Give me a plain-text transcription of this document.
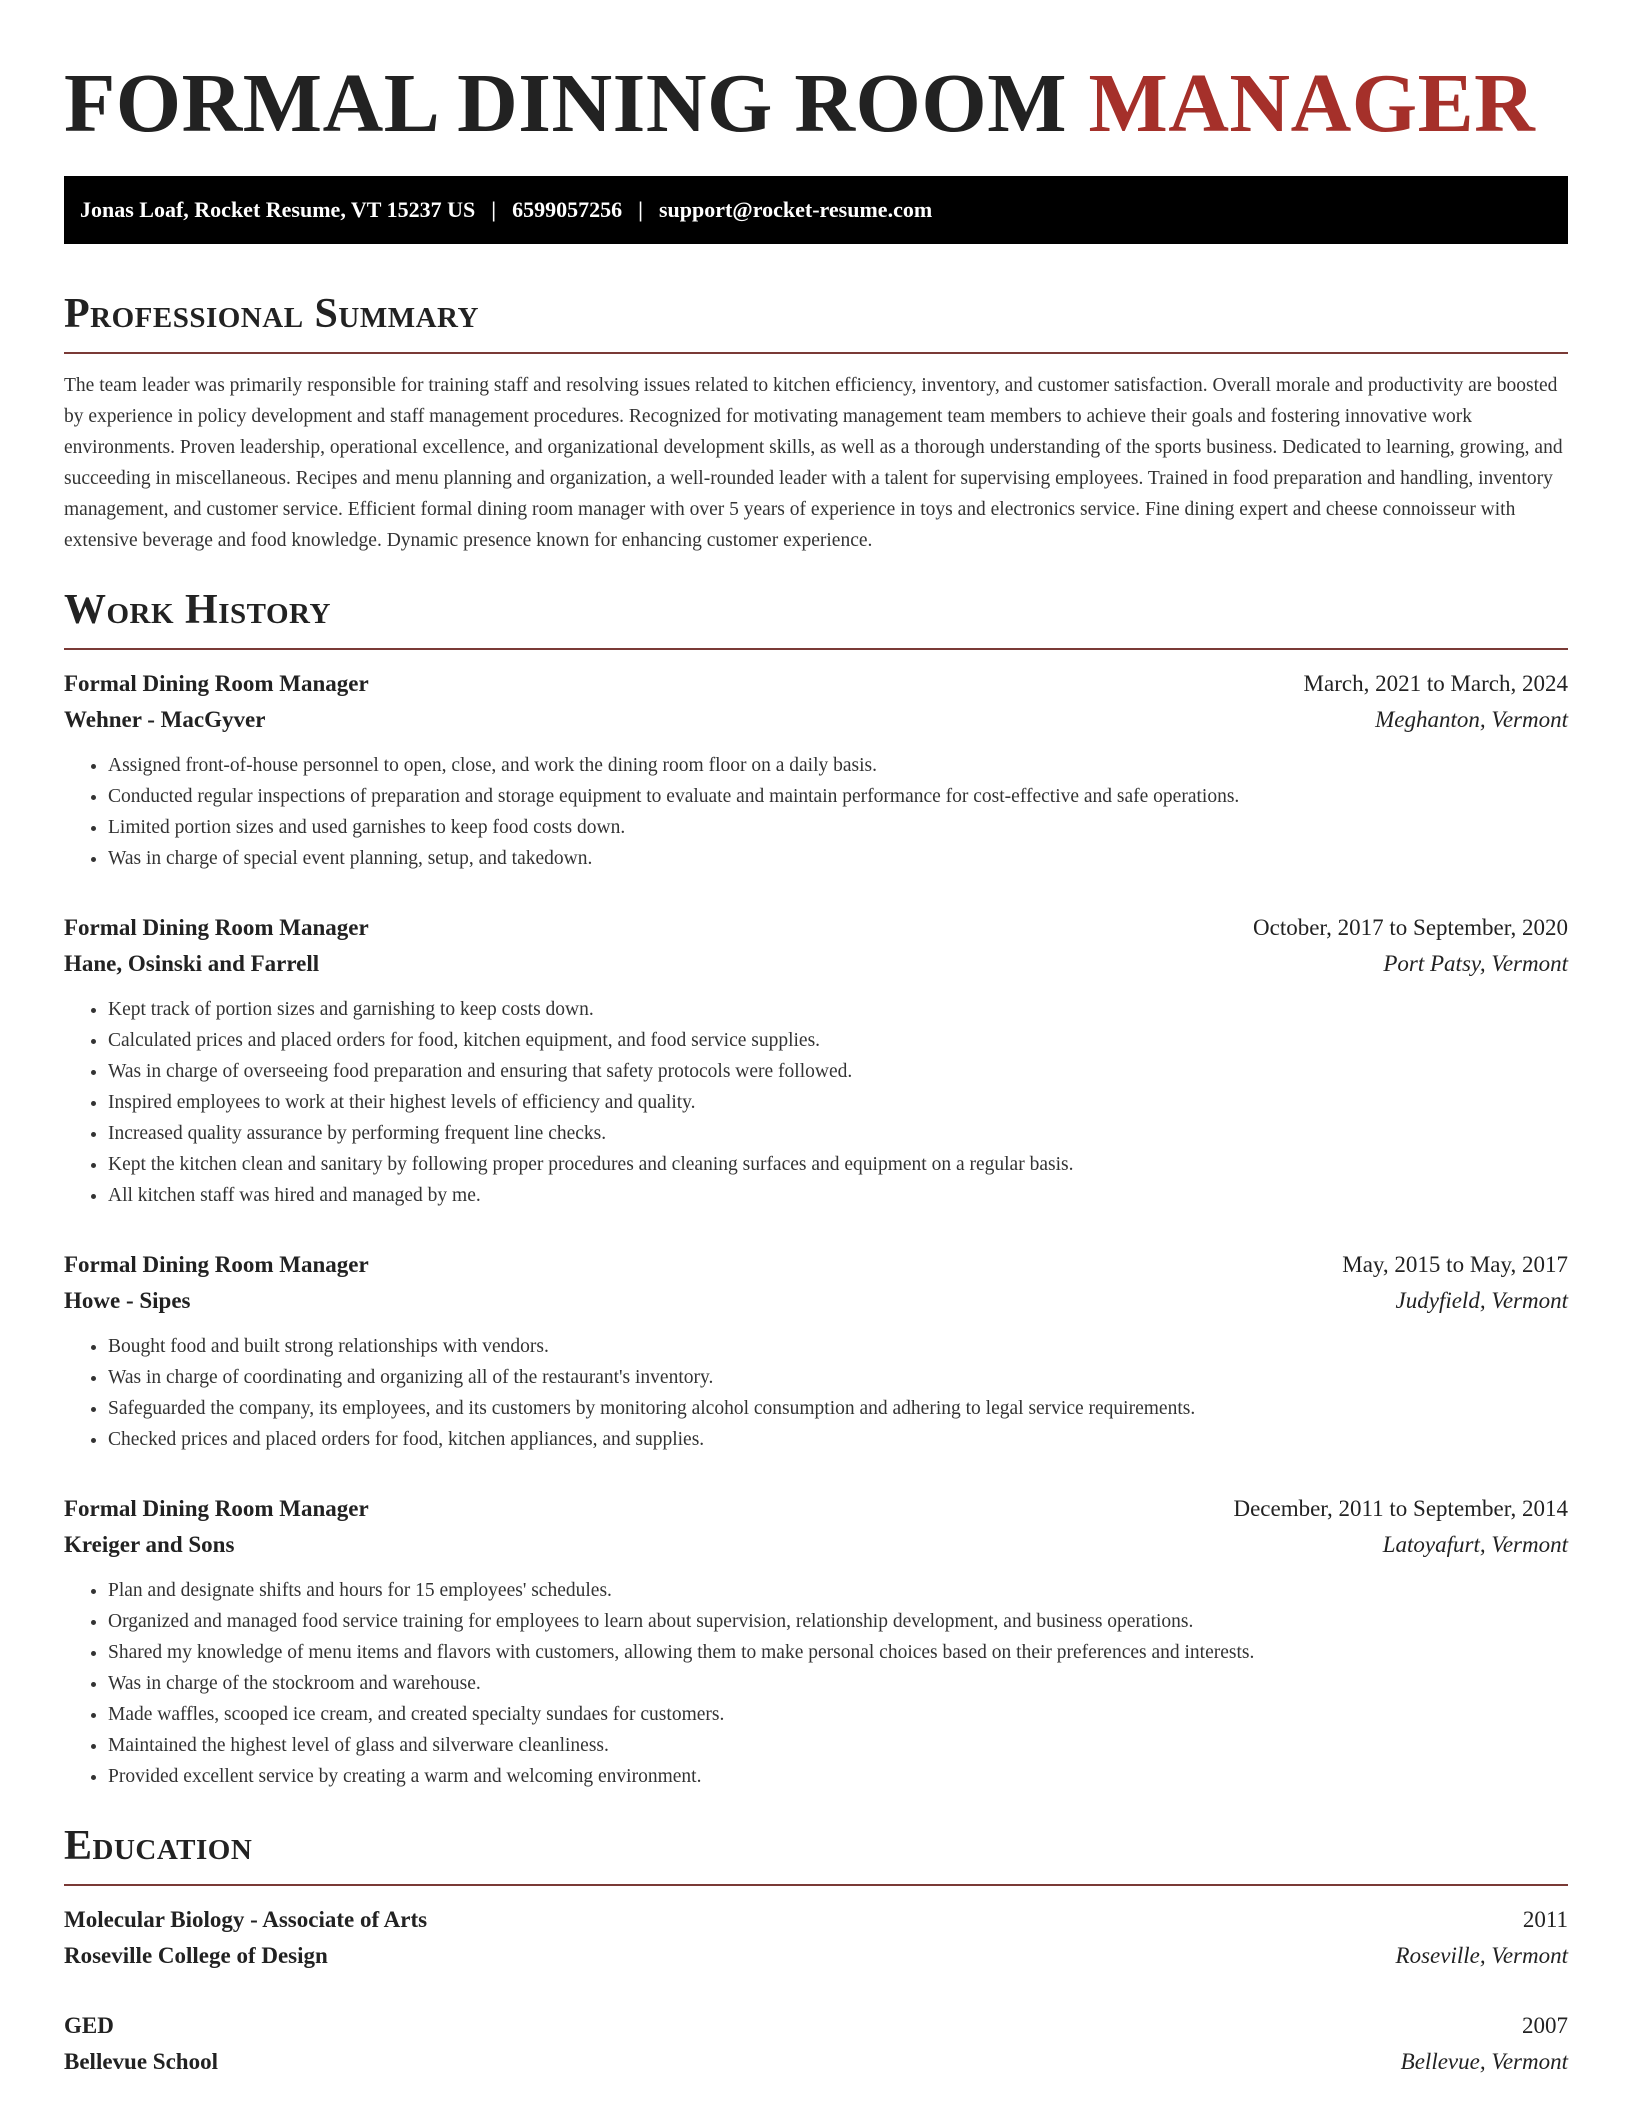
FORMAL DINING ROOM MANAGER
Jonas Loaf, Rocket Resume, VT 15237 US | 6599057256 | support@rocket-resume.com
Professional Summary

The team leader was primarily responsible for training staff and resolving issues related to kitchen efficiency, inventory, and customer satisfaction. Overall morale and productivity are boosted by experience in policy development and staff management procedures. Recognized for motivating management team members to achieve their goals and fostering innovative work environments. Proven leadership, operational excellence, and organizational development skills, as well as a thorough understanding of the sports business. Dedicated to learning, growing, and succeeding in miscellaneous. Recipes and menu planning and organization, a well-rounded leader with a talent for supervising employees. Trained in food preparation and handling, inventory management, and customer service. Efficient formal dining room manager with over 5 years of experience in toys and electronics service. Fine dining expert and cheese connoisseur with extensive beverage and food knowledge. Dynamic presence known for enhancing customer experience.

Work History
Formal Dining Room Manager	March, 2021 to March, 2024
Wehner - MacGyver	Meghanton, Vermont
• Assigned front-of-house personnel to open, close, and work the dining room floor on a daily basis.
• Conducted regular inspections of preparation and storage equipment to evaluate and maintain performance for cost-effective and safe operations.
• Limited portion sizes and used garnishes to keep food costs down.
• Was in charge of special event planning, setup, and takedown.
Formal Dining Room Manager	October, 2017 to September, 2020
Hane, Osinski and Farrell	Port Patsy, Vermont
• Kept track of portion sizes and garnishing to keep costs down.
• Calculated prices and placed orders for food, kitchen equipment, and food service supplies.
• Was in charge of overseeing food preparation and ensuring that safety protocols were followed.
• Inspired employees to work at their highest levels of efficiency and quality.
• Increased quality assurance by performing frequent line checks.
• Kept the kitchen clean and sanitary by following proper procedures and cleaning surfaces and equipment on a regular basis.
• All kitchen staff was hired and managed by me.
Formal Dining Room Manager	May, 2015 to May, 2017
Howe - Sipes	Judyfield, Vermont
• Bought food and built strong relationships with vendors.
• Was in charge of coordinating and organizing all of the restaurant's inventory.
• Safeguarded the company, its employees, and its customers by monitoring alcohol consumption and adhering to legal service requirements.
• Checked prices and placed orders for food, kitchen appliances, and supplies.
Formal Dining Room Manager	December, 2011 to September, 2014
Kreiger and Sons	Latoyafurt, Vermont
• Plan and designate shifts and hours for 15 employees' schedules.
• Organized and managed food service training for employees to learn about supervision, relationship development, and business operations.
• Shared my knowledge of menu items and flavors with customers, allowing them to make personal choices based on their preferences and interests.
• Was in charge of the stockroom and warehouse.
• Made waffles, scooped ice cream, and created specialty sundaes for customers.
• Maintained the highest level of glass and silverware cleanliness.
• Provided excellent service by creating a warm and welcoming environment.
Education
Molecular Biology - Associate of Arts	2011
Roseville College of Design	Roseville, Vermont
GED	2007
Bellevue School	Bellevue, Vermont
